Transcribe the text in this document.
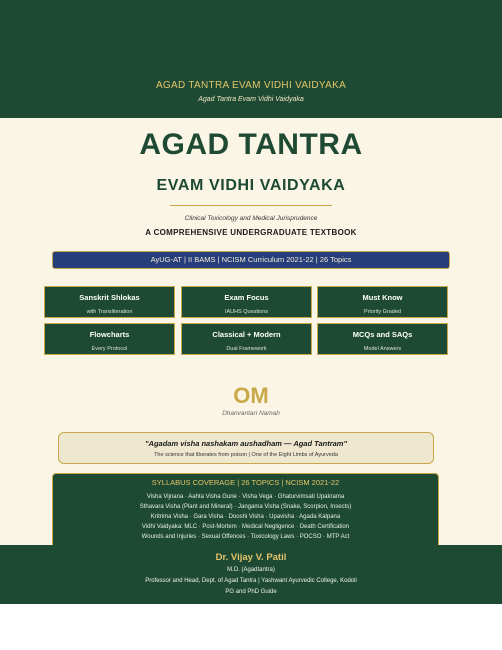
AGAD TANTRA EVAM VIDHI VAIDYAKA
Agad Tantra Evam Vidhi Vaidyaka
AGAD TANTRA
EVAM VIDHI VAIDYAKA
Clinical Toxicology and Medical Jurisprudence
A COMPREHENSIVE UNDERGRADUATE TEXTBOOK
AyUG-AT | II BAMS | NCISM Curriculum 2021-22 | 26 Topics
Sanskrit Shlokas
with Transliteration
Exam Focus
IAUHS Questions
Must Know
Priority Graded
Flowcharts
Every Protocol
Classical + Modern
Dual Framework
MCQs and SAQs
Model Answers
OM
Dhanvantari Namah
"Agadam visha nashakam aushadham — Agad Tantram"
The science that liberates from poison | One of the Eight Limbs of Ayurveda
SYLLABUS COVERAGE | 26 TOPICS | NCISM 2021-22
Visha Vijnana · Aahta Visha Gune · Visha Vega · Ghaturvimsati Upakrama
Sthavara Visha (Plant and Mineral) · Jangama Visha (Snake, Scorpion, Insects)
Kritrima Visha · Gara Visha · Dooshi Visha · Upavisha · Agada Kalpana
Vidhi Vaidyaka: MLC · Post-Mortem · Medical Negligence · Death Certification
Wounds and Injuries · Sexual Offences · Toxicology Laws · POCSO · MTP Act
Dr. Vijay V. Patil
M.D. (Agadtantra)
Professor and Head, Dept. of Agad Tantra | Yashwant Ayurvedic College, Kodoli
PG and PhD Guide
